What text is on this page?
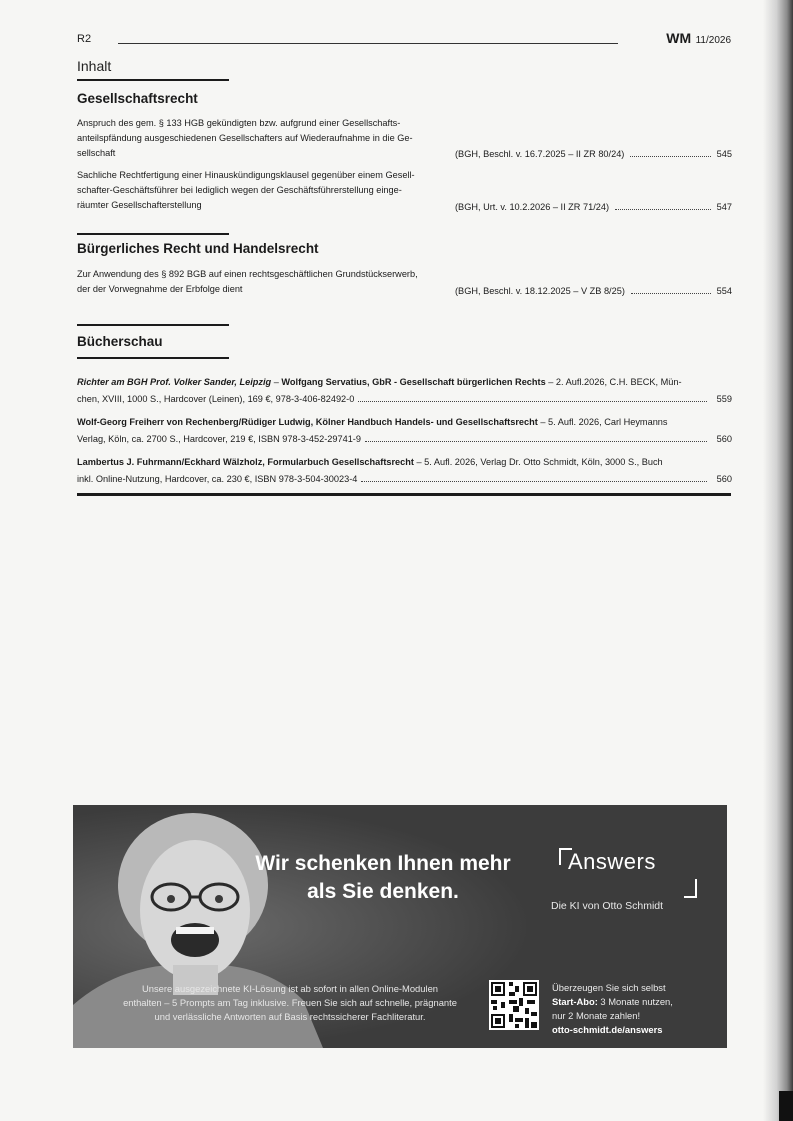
R2	WM 11/2026
Inhalt
Gesellschaftsrecht
Anspruch des gem. § 133 HGB gekündigten bzw. aufgrund einer Gesellschafts-
anteilspfändung ausgeschiedenen Gesellschafters auf Wiederaufnahme in die Ge-
sellschaft	(BGH, Beschl. v. 16.7.2025 – II ZR 80/24)	545
Sachliche Rechtfertigung einer Hinauskündigungsklausel gegenüber einem Gesell-
schafter-Geschäftsführer bei lediglich wegen der Geschäftsführerstellung einge-
räumter Gesellschafterstellung	(BGH, Urt. v. 10.2.2026 – II ZR 71/24)	547
Bürgerliches Recht und Handelsrecht
Zur Anwendung des § 892 BGB auf einen rechtsgeschäftlichen Grundstückserwerb,
der der Vorwegnahme der Erbfolge dient	(BGH, Beschl. v. 18.12.2025 – V ZB 8/25)	554
Bücherschau
Richter am BGH Prof. Volker Sander, Leipzig – Wolfgang Servatius, GbR - Gesellschaft bürgerlichen Rechts – 2. Aufl.2026, C.H. BECK, Mün-
chen, XVIII, 1000 S., Hardcover (Leinen), 169 €, 978-3-406-82492-0	559
Wolf-Georg Freiherr von Rechenberg/Rüdiger Ludwig, Kölner Handbuch Handels- und Gesellschaftsrecht – 5. Aufl. 2026, Carl Heymanns
Verlag, Köln, ca. 2700 S., Hardcover, 219 €, ISBN 978-3-452-29741-9	560
Lambertus J. Fuhrmann/Eckhard Wälzholz, Formularbuch Gesellschaftsrecht – 5. Aufl. 2026, Verlag Dr. Otto Schmidt, Köln, 3000 S., Buch
inkl. Online-Nutzung, Hardcover, ca. 230 €, ISBN 978-3-504-30023-4	560
Wir schenken Ihnen mehr
als Sie denken.
Answers
Die KI von Otto Schmidt
Unsere ausgezeichnete KI-Lösung ist ab sofort in allen Online-Modulen
enthalten – 5 Prompts am Tag inklusive. Freuen Sie sich auf schnelle, prägnante
und verlässliche Antworten auf Basis rechtssicherer Fachliteratur.
Überzeugen Sie sich selbst
Start-Abo: 3 Monate nutzen,
nur 2 Monate zahlen!
otto-schmidt.de/answers
